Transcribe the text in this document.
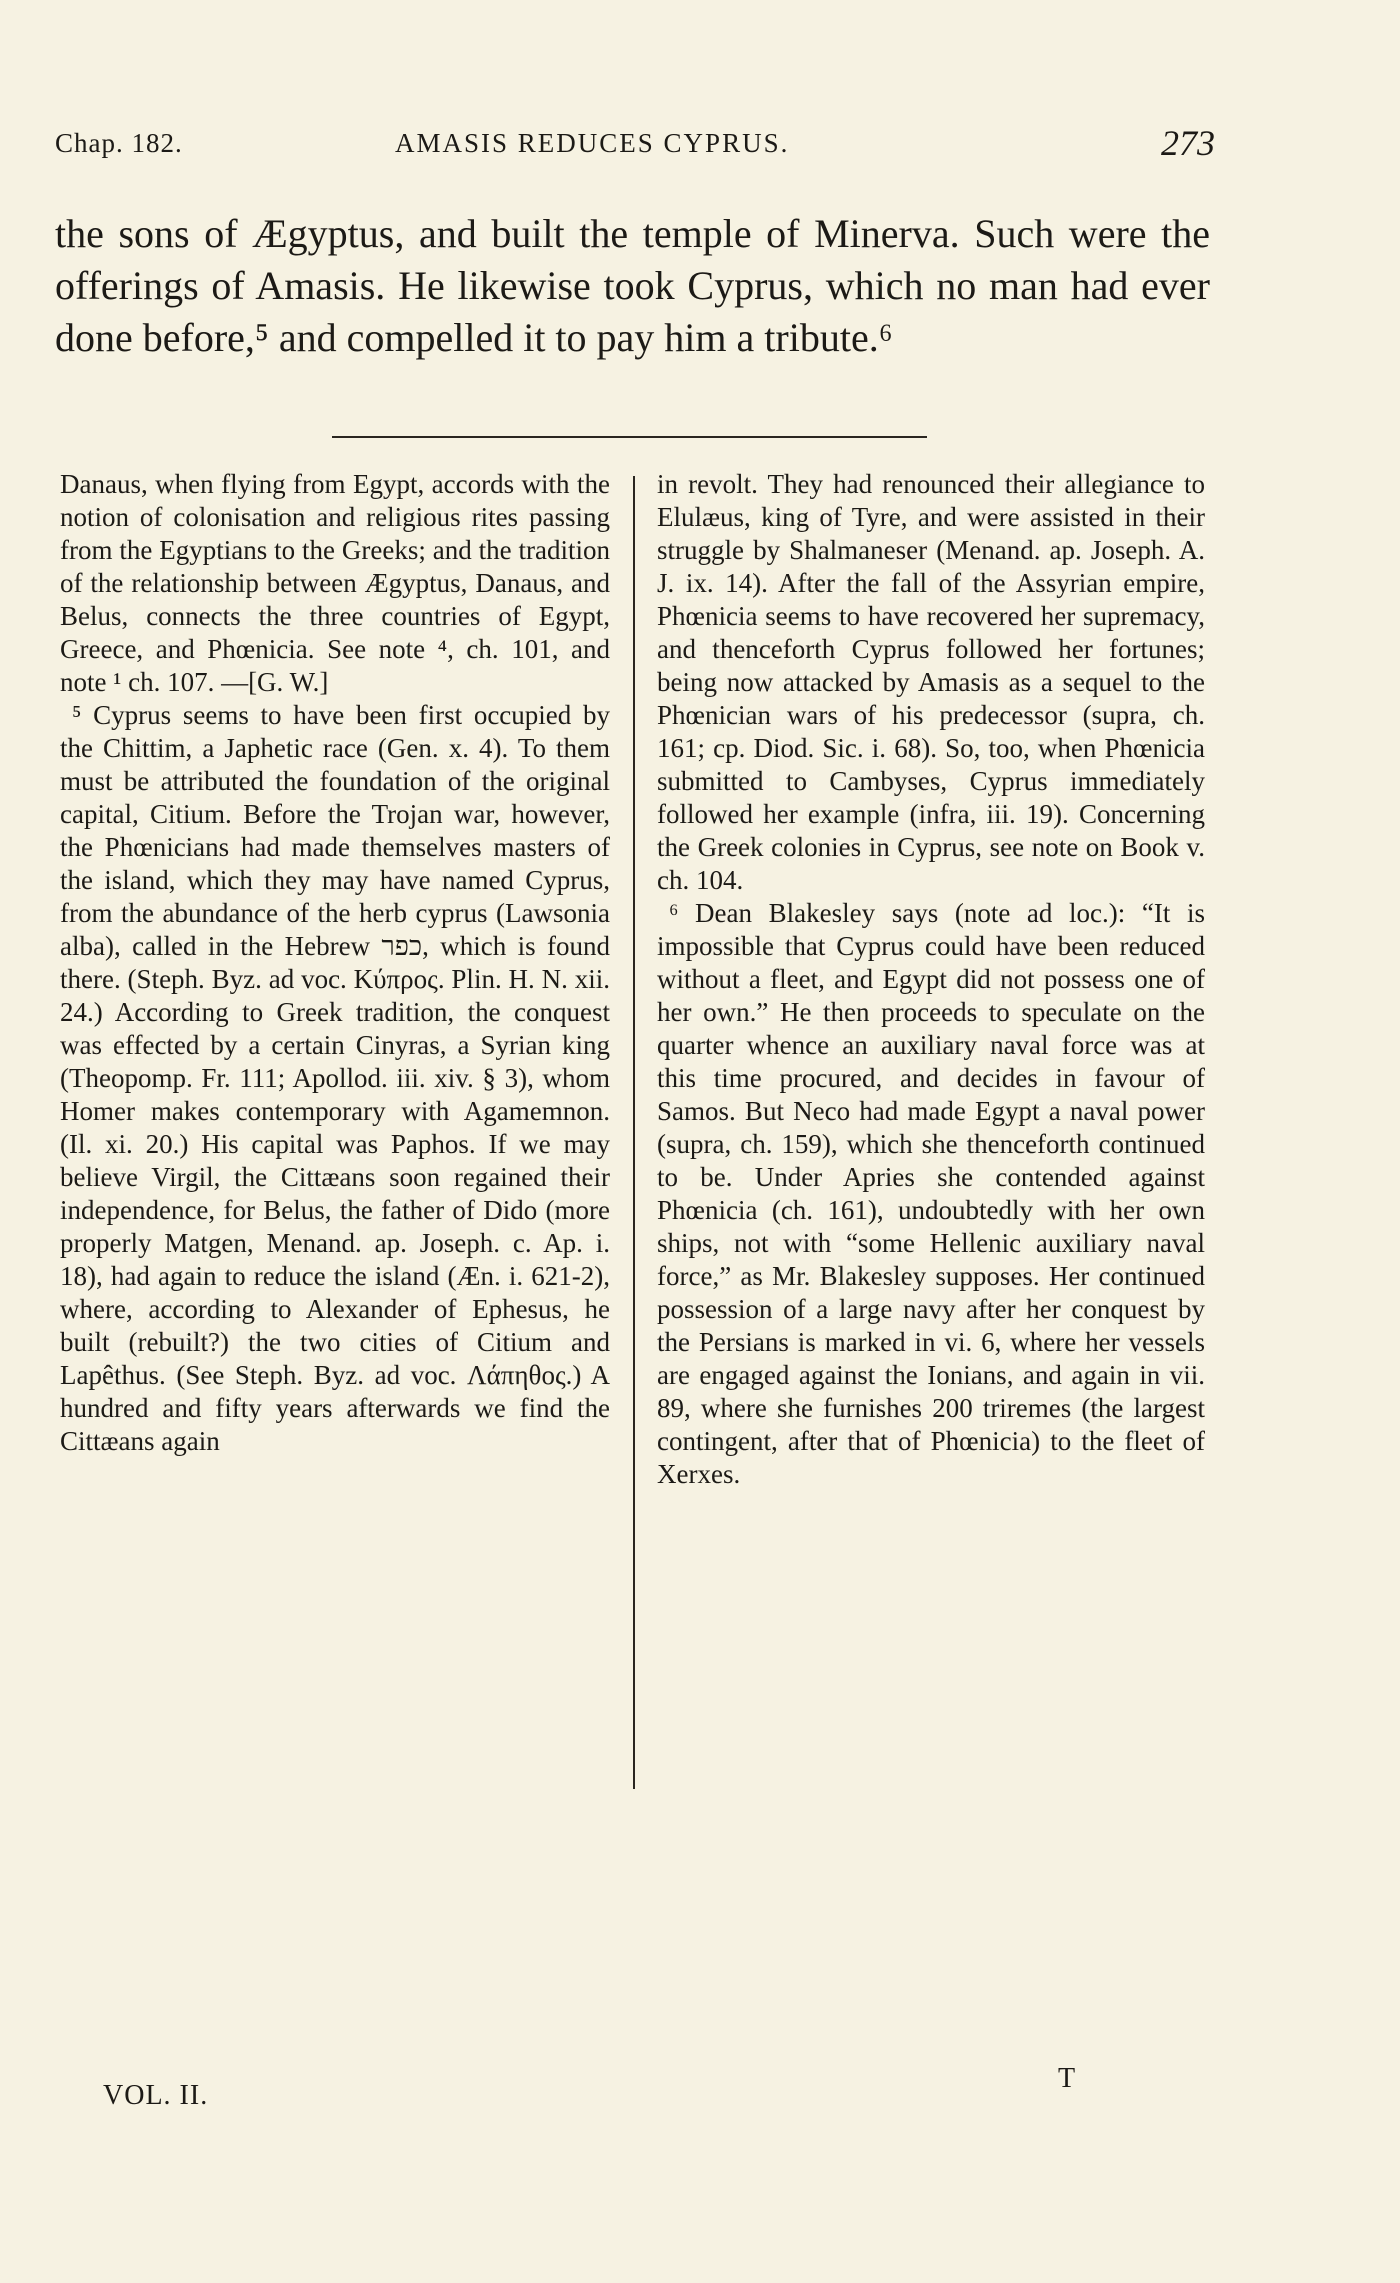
Chap. 182.	AMASIS REDUCES CYPRUS.	273

the sons of Ægyptus, and built the temple of Minerva. Such were the offerings of Amasis. He likewise took Cyprus, which no man had ever done before,⁵ and compelled it to pay him a tribute.⁶

Danaus, when flying from Egypt, accords with the notion of colonisation and religious rites passing from the Egyptians to the Greeks; and the tradition of the relationship between Ægyptus, Danaus, and Belus, connects the three countries of Egypt, Greece, and Phœnicia. See note ⁴, ch. 101, and note ¹ ch. 107. —[G. W.]

⁵ Cyprus seems to have been first occupied by the Chittim, a Japhetic race (Gen. x. 4). To them must be attributed the foundation of the original capital, Citium. Before the Trojan war, however, the Phœnicians had made themselves masters of the island, which they may have named Cyprus, from the abundance of the herb cyprus (Lawsonia alba), called in the Hebrew כפר, which is found there. (Steph. Byz. ad voc. Κύπρος. Plin. H. N. xii. 24.) According to Greek tradition, the conquest was effected by a certain Cinyras, a Syrian king (Theopomp. Fr. 111; Apollod. iii. xiv. § 3), whom Homer makes contemporary with Agamemnon. (Il. xi. 20.) His capital was Paphos. If we may believe Virgil, the Cittæans soon regained their independence, for Belus, the father of Dido (more properly Matgen, Menand. ap. Joseph. c. Ap. i. 18), had again to reduce the island (Æn. i. 621-2), where, according to Alexander of Ephesus, he built (rebuilt?) the two cities of Citium and Lapêthus. (See Steph. Byz. ad voc. Λάπηθος.) A hundred and fifty years afterwards we find the Cittæans again

in revolt. They had renounced their allegiance to Elulæus, king of Tyre, and were assisted in their struggle by Shalmaneser (Menand. ap. Joseph. A. J. ix. 14). After the fall of the Assyrian empire, Phœnicia seems to have recovered her supremacy, and thenceforth Cyprus followed her fortunes; being now attacked by Amasis as a sequel to the Phœnician wars of his predecessor (supra, ch. 161; cp. Diod. Sic. i. 68). So, too, when Phœnicia submitted to Cambyses, Cyprus immediately followed her example (infra, iii. 19). Concerning the Greek colonies in Cyprus, see note on Book v. ch. 104.

⁶ Dean Blakesley says (note ad loc.): “It is impossible that Cyprus could have been reduced without a fleet, and Egypt did not possess one of her own.” He then proceeds to speculate on the quarter whence an auxiliary naval force was at this time procured, and decides in favour of Samos. But Neco had made Egypt a naval power (supra, ch. 159), which she thenceforth continued to be. Under Apries she contended against Phœnicia (ch. 161), undoubtedly with her own ships, not with “some Hellenic auxiliary naval force,” as Mr. Blakesley supposes. Her continued possession of a large navy after her conquest by the Persians is marked in vi. 6, where her vessels are engaged against the Ionians, and again in vii. 89, where she furnishes 200 triremes (the largest contingent, after that of Phœnicia) to the fleet of Xerxes.

VOL. II.
T
